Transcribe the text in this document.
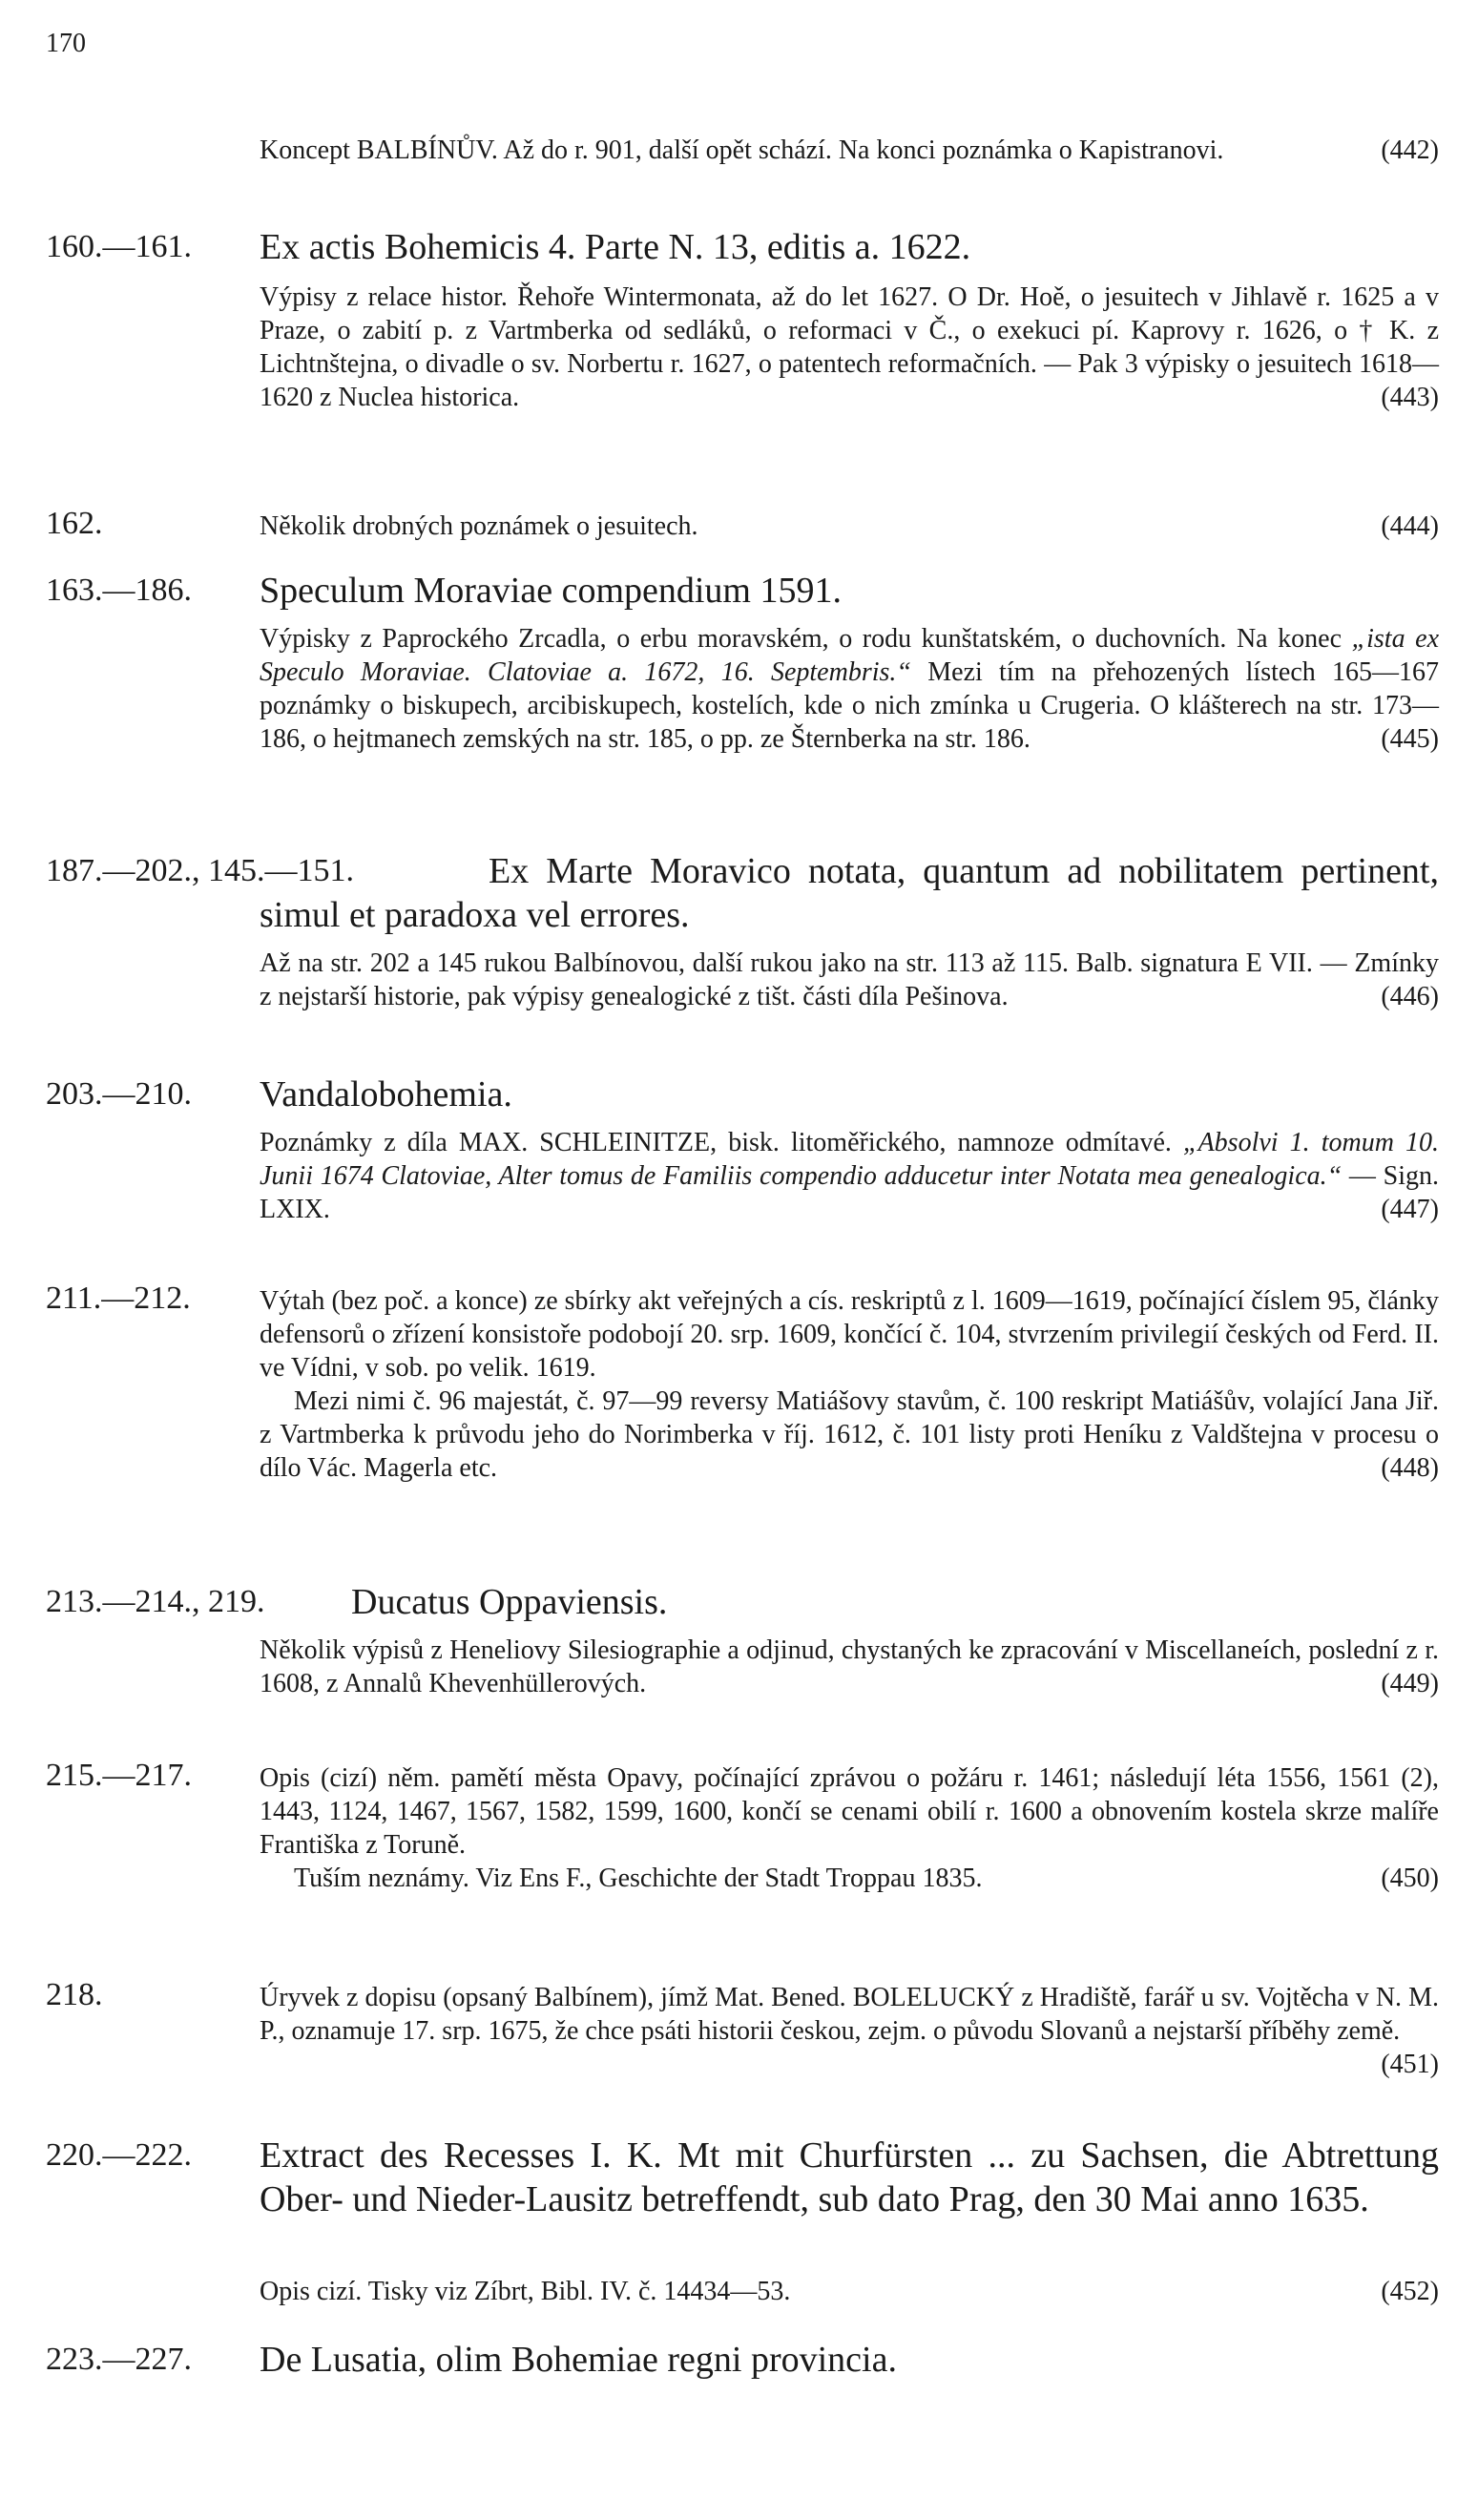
170

Koncept BALBÍNŮV. Až do r. 901, další opět schází. Na konci poznámka o Kapistranovi.	(442)

160.—161. Ex actis Bohemicis 4. Parte N. 13, editis a. 1622.

Výpisy z relace histor. Řehoře Wintermonata, až do let 1627. O Dr. Hoě, o jesuitech v Jihlavě r. 1625 a v Praze, o zabití p. z Vartmberka od sedláků, o reformaci v Č., o exekuci pí. Kaprovy r. 1626, o † K. z Lichtnštejna, o divadle o sv. Norbertu r. 1627, o patentech reformačních. — Pak 3 výpisky o jesuitech 1618—1620 z Nuclea historica.	(443)

162.	Několik drobných poznámek o jesuitech.	(444)

163.—186. Speculum Moraviae compendium 1591.

Výpisky z Paprockého Zrcadla, o erbu moravském, o rodu kunštatském, o duchovních. Na konec „ista ex Speculo Moraviae. Clatoviae a. 1672, 16. Septembris.“ Mezi tím na přehozených lístech 165—167 poznámky o biskupech, arcibiskupech, kostelích, kde o nich zmínka u Crugeria. O klášterech na str. 173—186, o hejtmanech zemských na str. 185, o pp. ze Šternberka na str. 186.	(445)

187.—202., 145.—151.	Ex Marte Moravico notata, quantum ad nobilitatem pertinent, simul et paradoxa vel errores.

Až na str. 202 a 145 rukou Balbínovou, další rukou jako na str. 113 až 115. Balb. signatura E VII. — Zmínky z nejstarší historie, pak výpisy genealogické z tišt. části díla Pešinova.	(446)

203.—210. Vandalobohemia.

Poznámky z díla MAX. SCHLEINITZE, bisk. litoměřického, namnoze odmítavé. „Absolvi 1. tomum 10. Junii 1674 Clatoviae, Alter tomus de Familiis compendio adducetur inter Notata mea genealogica.“ — Sign. LXIX.	(447)

211.—212.	Výtah (bez poč. a konce) ze sbírky akt veřejných a cís. reskriptů z l. 1609—1619, počínající číslem 95, články defensorů o zřízení konsistoře podobojí 20. srp. 1609, končící č. 104, stvrzením privilegií českých od Ferd. II. ve Vídni, v sob. po velik. 1619.

Mezi nimi č. 96 majestát, č. 97—99 reversy Matiášovy stavům, č. 100 reskript Matiášův, volající Jana Jiř. z Vartmberka k průvodu jeho do Norimberka v říj. 1612, č. 101 listy proti Heníku z Valdštejna v procesu o dílo Vác. Magerla etc.	(448)

213.—214., 219.	Ducatus Oppaviensis.

Několik výpisů z Heneliovy Silesiographie a odjinud, chystaných ke zpracování v Miscellaneích, poslední z r. 1608, z Annalů Khevenhüllerových.	(449)

215.—217.	Opis (cizí) něm. pamětí města Opavy, počínající zprávou o požáru r. 1461; následují léta 1556, 1561 (2), 1443, 1124, 1467, 1567, 1582, 1599, 1600, končí se cenami obilí r. 1600 a obnovením kostela skrze malíře Františka z Toruně.

Tuším neznámy. Viz Ens F., Geschichte der Stadt Troppau 1835.	(450)

218.	Úryvek z dopisu (opsaný Balbínem), jímž Mat. Bened. BOLELUCKÝ z Hradiště, farář u sv. Vojtěcha v N. M. P., oznamuje 17. srp. 1675, že chce psáti historii českou, zejm. o původu Slovanů a nejstarší příběhy země.
(451)

220.—222. Extract des Recesses I. K. Mt mit Churfürsten ... zu Sachsen, die Abtrettung Ober- und Nieder-Lausitz betreffendt, sub dato Prag, den 30 Mai anno 1635.

Opis cizí. Tisky viz Zíbrt, Bibl. IV. č. 14434—53.	(452)

223.—227. De Lusatia, olim Bohemiae regni provincia.
